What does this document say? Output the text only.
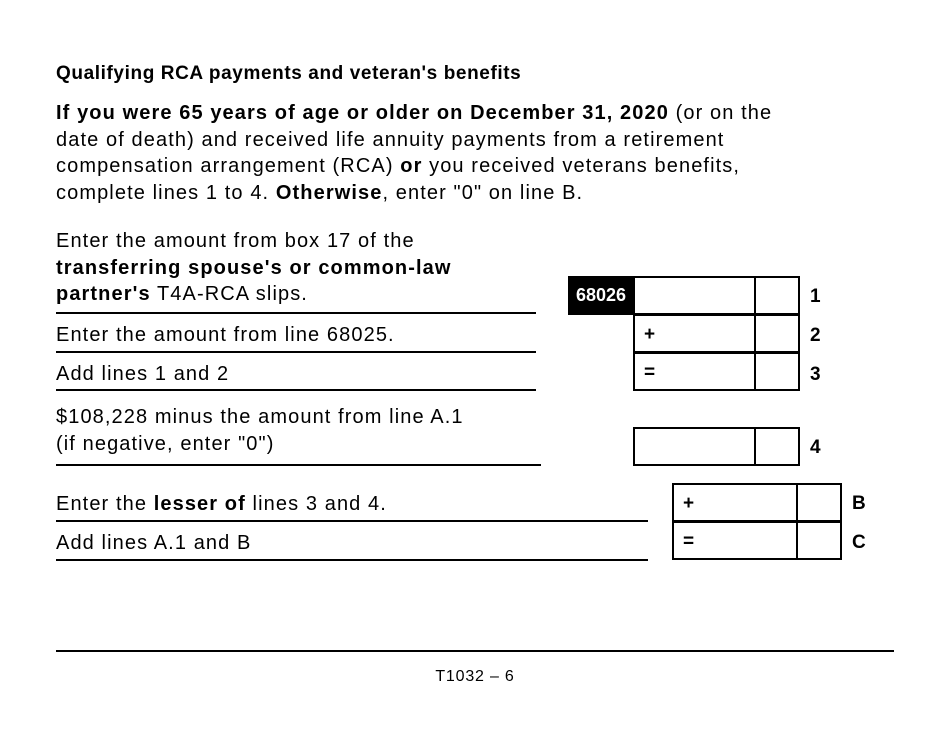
Qualifying RCA payments and veteran's benefits
If you were 65 years of age or older on December 31, 2020 (or on the
date of death) and received life annuity payments from a retirement
compensation arrangement (RCA) or you received veterans benefits,
complete lines 1 to 4. Otherwise, enter "0" on line B.
Enter the amount from box 17 of the
transferring spouse's or common-law
partner's T4A-RCA slips.	68026	1
Enter the amount from line 68025.	+	2
Add lines 1 and 2	=	3
$108,228 minus the amount from line A.1
(if negative, enter "0")	4
Enter the lesser of lines 3 and 4.	+	B
Add lines A.1 and B	=	C
T1032 – 6
